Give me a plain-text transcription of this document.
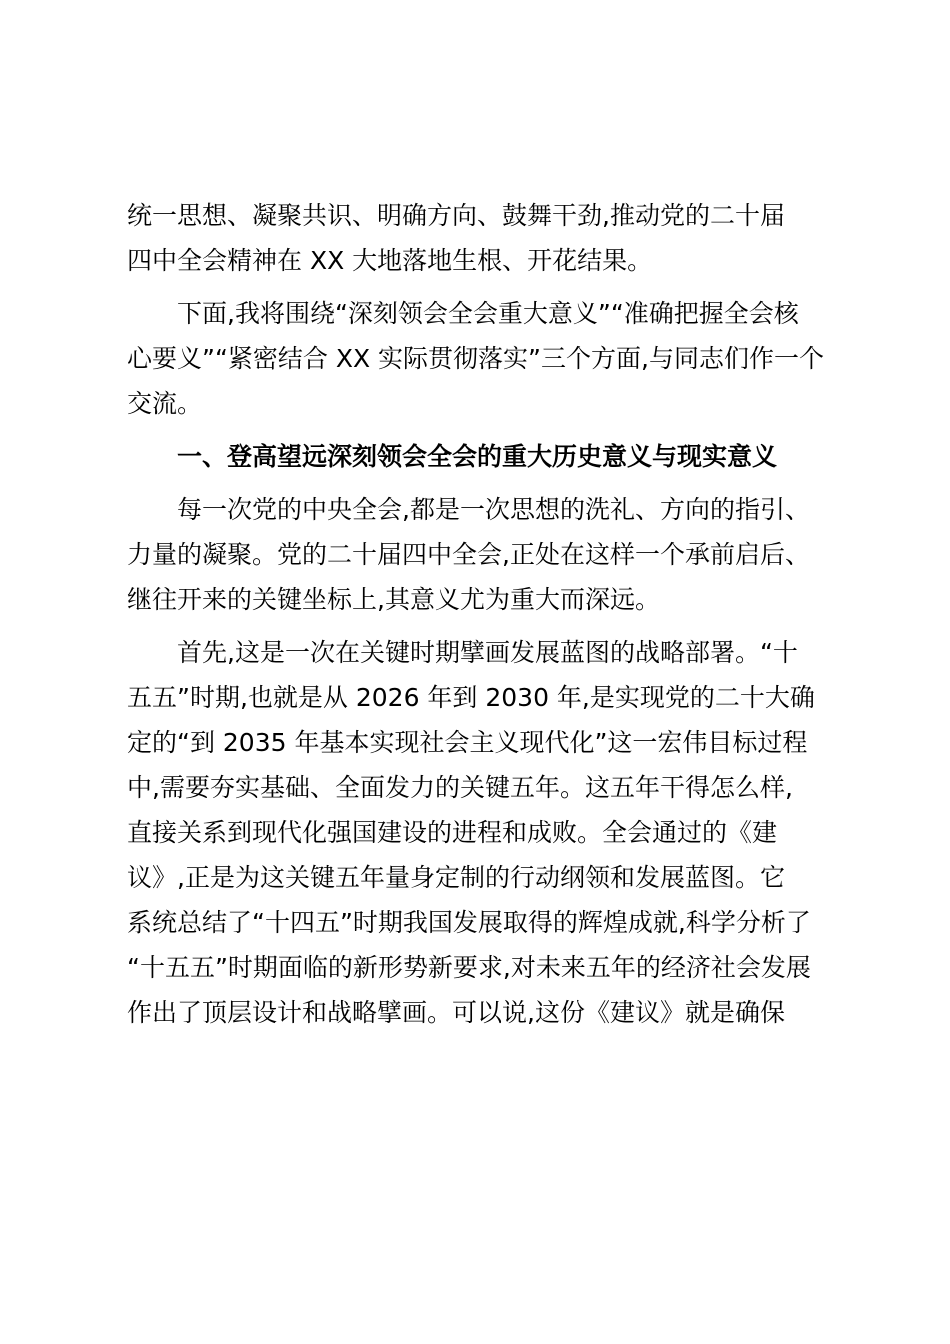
统一思想、凝聚共识、明确方向、鼓舞干劲,推动党的二十届
四中全会精神在 XX 大地落地生根、开花结果。

下面,我将围绕“深刻领会全会重大意义”“准确把握全会核
心要义”“紧密结合 XX 实际贯彻落实”三个方面,与同志们作一个
交流。

一、登高望远深刻领会全会的重大历史意义与现实意义

每一次党的中央全会,都是一次思想的洗礼、方向的指引、
力量的凝聚。党的二十届四中全会,正处在这样一个承前启后、
继往开来的关键坐标上,其意义尤为重大而深远。

首先,这是一次在关键时期擘画发展蓝图的战略部署。“十
五五”时期,也就是从 2026 年到 2030 年,是实现党的二十大确
定的“到 2035 年基本实现社会主义现代化”这一宏伟目标过程
中,需要夯实基础、全面发力的关键五年。这五年干得怎么样,
直接关系到现代化强国建设的进程和成败。全会通过的《建
议》,正是为这关键五年量身定制的行动纲领和发展蓝图。它
系统总结了“十四五”时期我国发展取得的辉煌成就,科学分析了
“十五五”时期面临的新形势新要求,对未来五年的经济社会发展
作出了顶层设计和战略擘画。可以说,这份《建议》就是确保
